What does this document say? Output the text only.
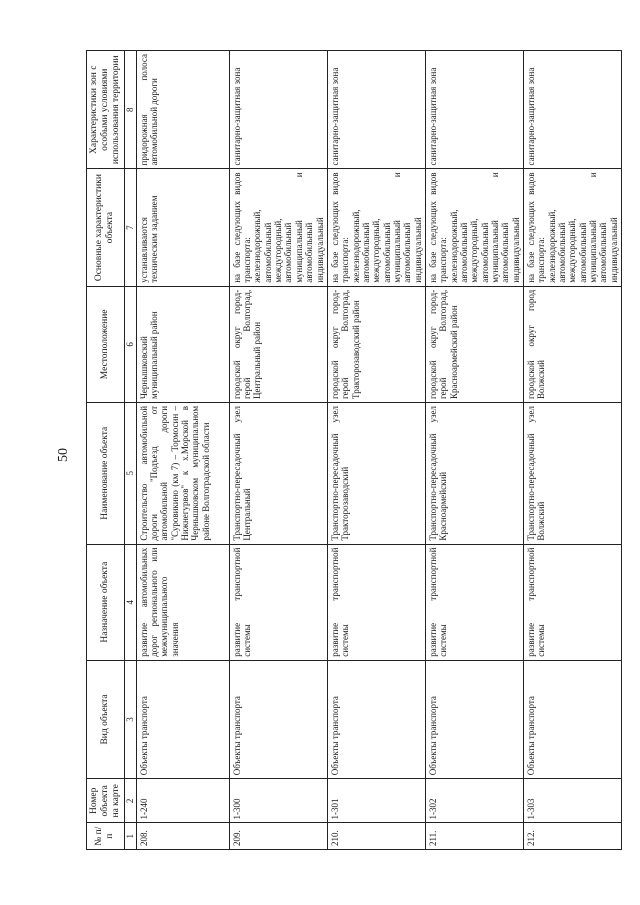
50
№ п/п	Номер объекта на карте	Вид объекта	Назначение объекта	Наименование объекта	Местоположение	Основные характеристики объекта	Характеристики зон с особыми условиями использования территории
1	2	3	4	5	6	7	8
208.	1-240	Объекты транспорта	развитие автомобильных дорог регионального или межмуниципального значения	Строительство автомобильной дороги "Подъезд от автомобильной дороги "Суровикино (км 7) – Тормосин – Нижнегурвов" к х.Морской в Чернышковском муниципальном районе Волгоградской области	Чернышковский муниципальный район	устанавливаются техническим заданием	придорожная полоса автомобильной дороги
209.	1-300	Объекты транспорта	развитие транспортной системы	Транспортно-пересадочный узел Центральный	городской округ город-герой Волгоград, Центральный район	на базе следующих видов транспорта: железнодорожный, автомобильный междугородный, автомобильный муниципальный и автомобильный индивидуальный	санитарно-защитная зона
210.	1-301	Объекты транспорта	развитие транспортной системы	Транспортно-пересадочный узел Тракторозаводский	городской округ город-герой Волгоград, Тракторозаводский район	на базе следующих видов транспорта: железнодорожный, автомобильный междугородный, автомобильный муниципальный и автомобильный индивидуальный	санитарно-защитная зона
211.	1-302	Объекты транспорта	развитие транспортной системы	Транспортно-пересадочный узел Красноармейский	городской округ город-герой Волгоград, Красноармейский район	на базе следующих видов транспорта: железнодорожный, автомобильный междугородный, автомобильный муниципальный и автомобильный индивидуальный	санитарно-защитная зона
212.	1-303	Объекты транспорта	развитие транспортной системы	Транспортно-пересадочный узел Волжский	городской округ город Волжский	на базе следующих видов транспорта: железнодорожный, автомобильный междугородный, автомобильный муниципальный и автомобильный индивидуальный	санитарно-защитная зона
